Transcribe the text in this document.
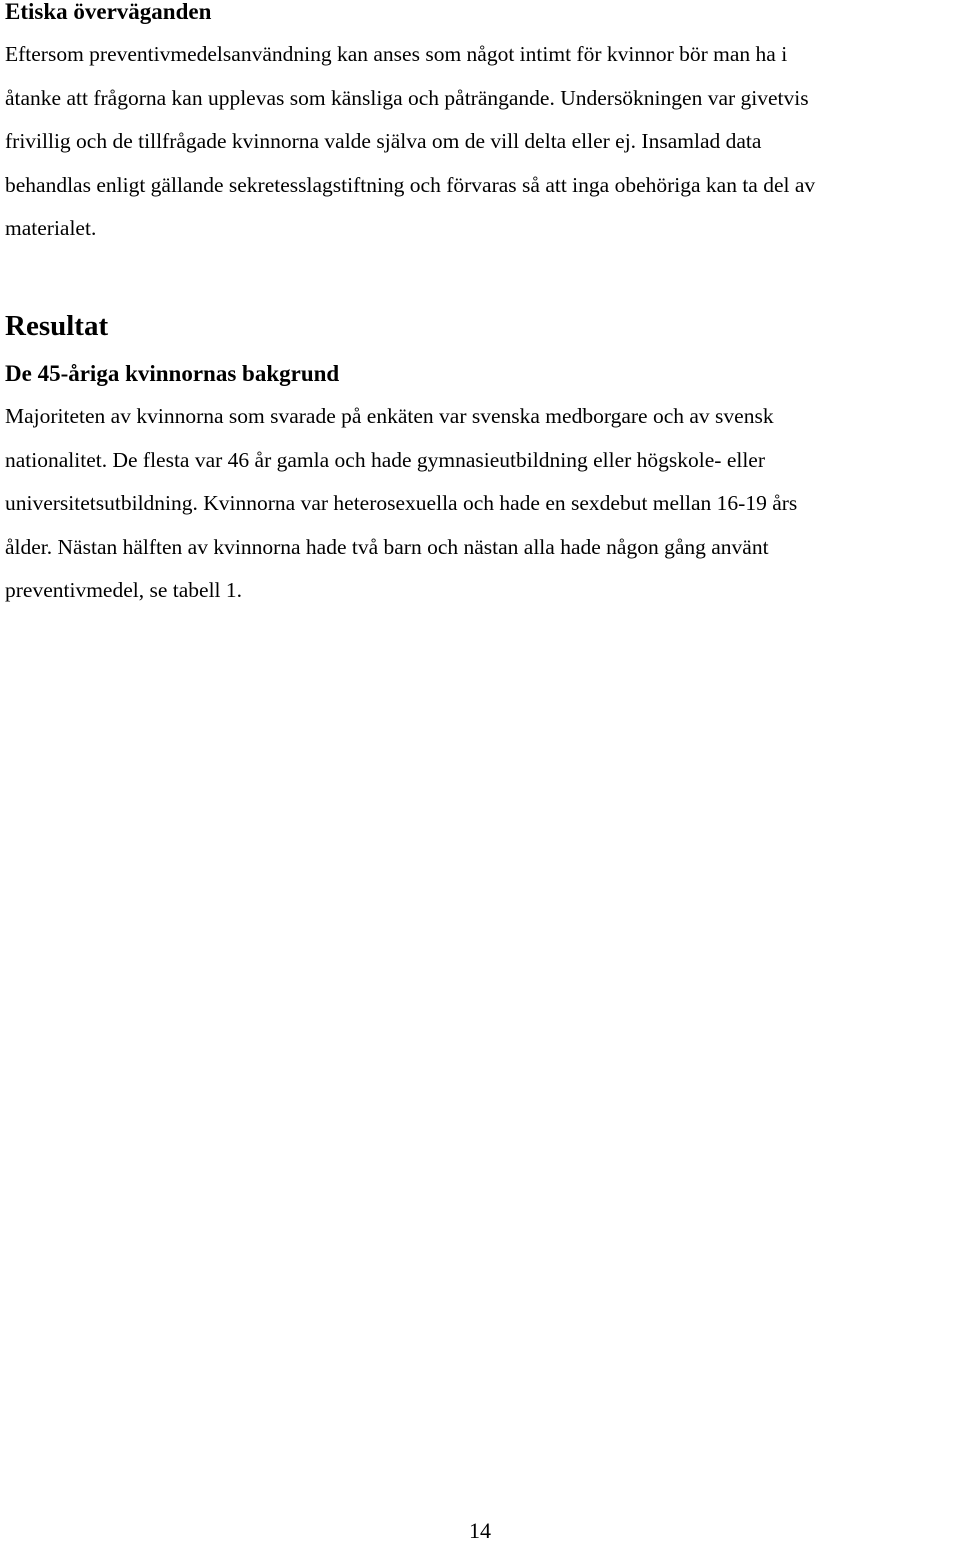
Etiska överväganden

Eftersom preventivmedelsanvändning kan anses som något intimt för kvinnor bör man ha i
åtanke att frågorna kan upplevas som känsliga och påträngande. Undersökningen var givetvis
frivillig och de tillfrågade kvinnorna valde själva om de vill delta eller ej. Insamlad data
behandlas enligt gällande sekretesslagstiftning och förvaras så att inga obehöriga kan ta del av
materialet.

Resultat
De 45-åriga kvinnornas bakgrund

Majoriteten av kvinnorna som svarade på enkäten var svenska medborgare och av svensk
nationalitet. De flesta var 46 år gamla och hade gymnasieutbildning eller högskole- eller
universitetsutbildning. Kvinnorna var heterosexuella och hade en sexdebut mellan 16-19 års
ålder. Nästan hälften av kvinnorna hade två barn och nästan alla hade någon gång använt
preventivmedel, se tabell 1.

14
